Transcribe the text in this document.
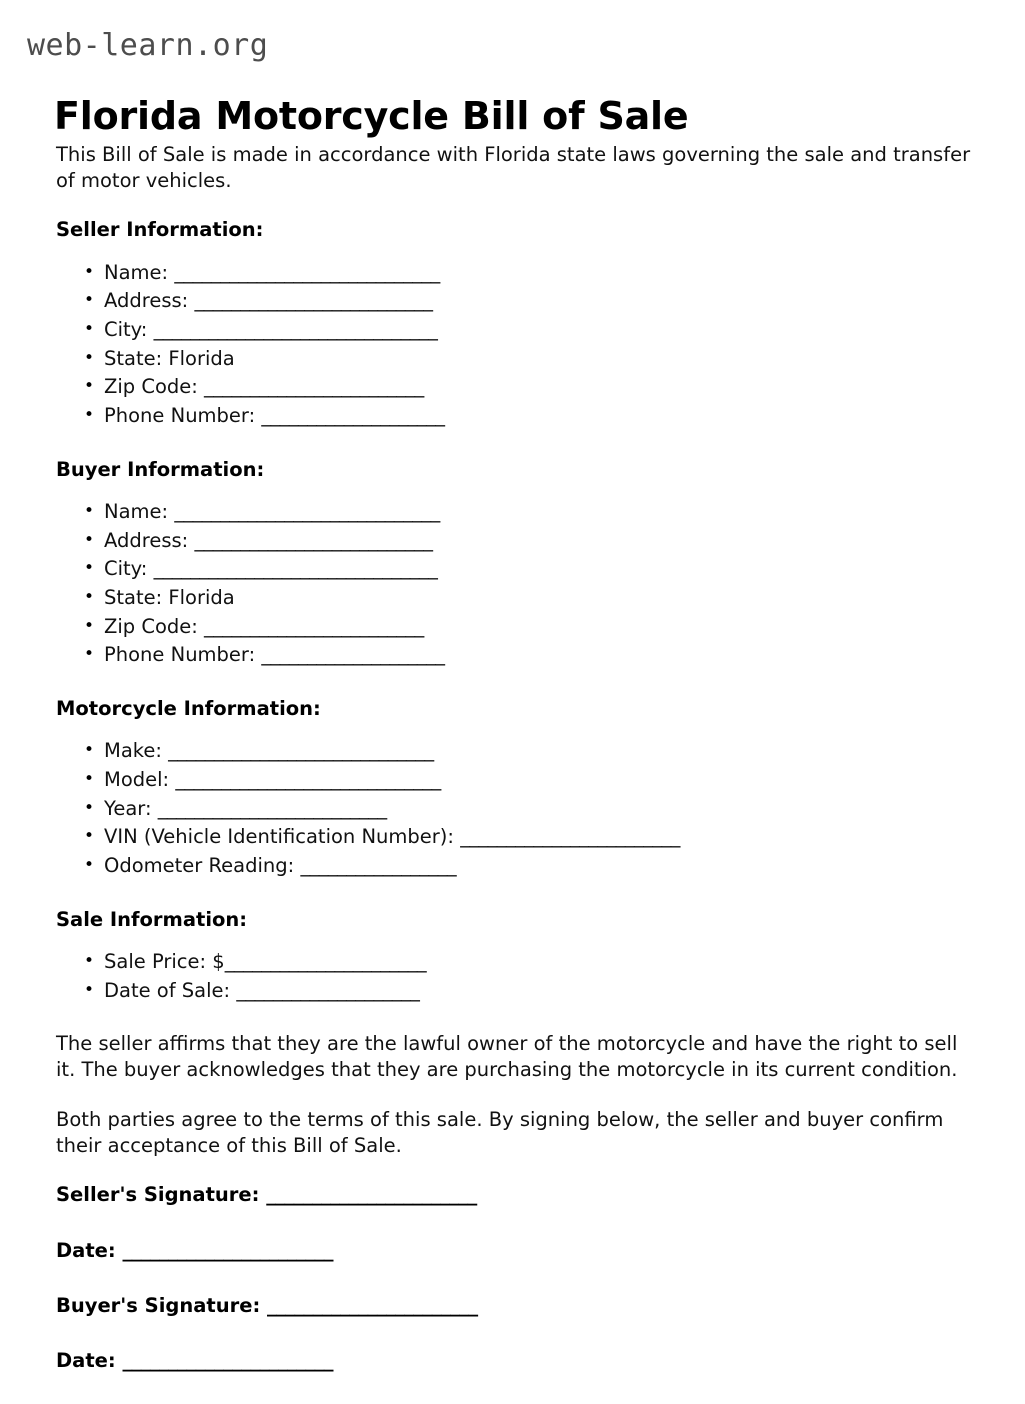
web-learn.org
Florida Motorcycle Bill of Sale

This Bill of Sale is made in accordance with Florida state laws governing the sale and transfer of motor vehicles.

Seller Information:
• Name: _____________________________
• Address: __________________________
• City: _______________________________
• State: Florida
• Zip Code: ________________________
• Phone Number: ____________________
Buyer Information:
• Name: _____________________________
• Address: __________________________
• City: _______________________________
• State: Florida
• Zip Code: ________________________
• Phone Number: ____________________
Motorcycle Information:
• Make: _____________________________
• Model: _____________________________
• Year: _________________________
• VIN (Vehicle Identification Number): ________________________
• Odometer Reading: _________________
Sale Information:
• Sale Price: $______________________
• Date of Sale: ____________________

The seller affirms that they are the lawful owner of the motorcycle and have the right to sell it. The buyer acknowledges that they are purchasing the motorcycle in its current condition.

Both parties agree to the terms of this sale. By signing below, the seller and buyer confirm their acceptance of this Bill of Sale.

Seller's Signature: _______________________
Date: _______________________
Buyer's Signature: _______________________
Date: _______________________
